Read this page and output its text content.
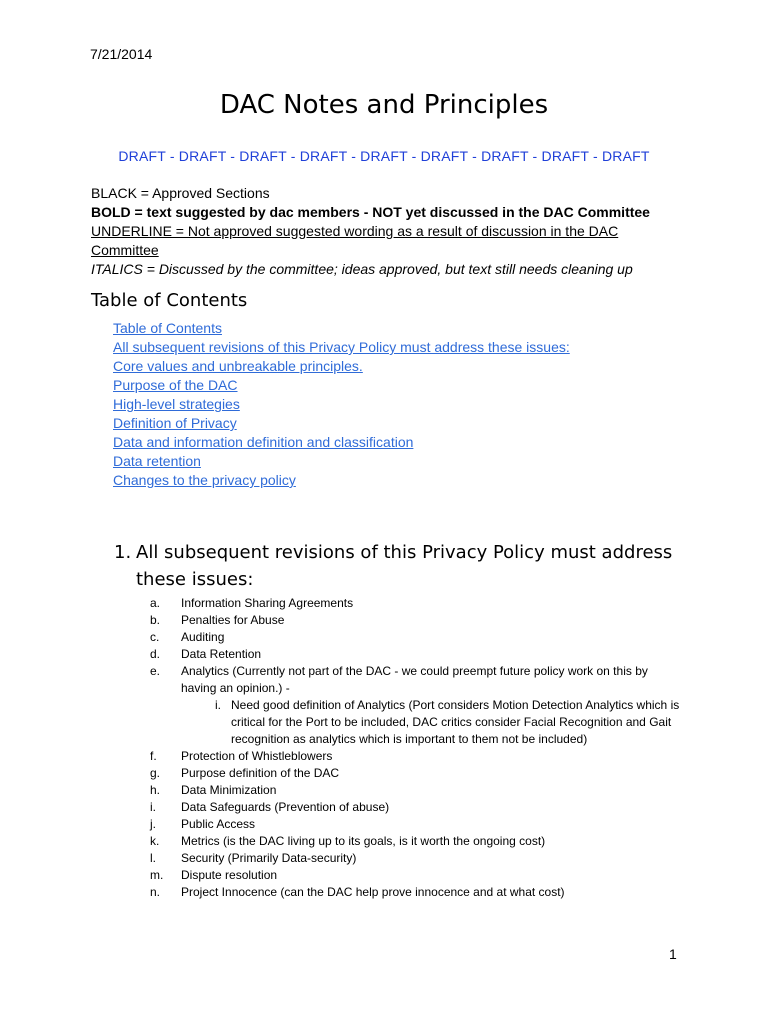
7/21/2014
DAC Notes and Principles
DRAFT - DRAFT - DRAFT - DRAFT - DRAFT - DRAFT - DRAFT - DRAFT - DRAFT
BLACK = Approved Sections
BOLD = text suggested by dac members - NOT yet discussed in the DAC Committee
UNDERLINE = Not approved suggested wording as a result of discussion in the DAC Committee
ITALICS = Discussed by the committee; ideas approved, but text still needs cleaning up
Table of Contents
Table of Contents
All subsequent revisions of this Privacy Policy must address these issues:
Core values and unbreakable principles.
Purpose of the DAC
High-level strategies
Definition of Privacy
Data and information definition and classification
Data retention
Changes to the privacy policy
1. All subsequent revisions of this Privacy Policy must address
these issues:
a.	Information Sharing Agreements
b.	Penalties for Abuse
c.	Auditing
d.	Data Retention
e.	Analytics (Currently not part of the DAC - we could preempt future policy work on this by having an opinion.) -
i. Need good definition of Analytics (Port considers Motion Detection Analytics which is critical for the Port to be included, DAC critics consider Facial Recognition and Gait recognition as analytics which is important to them not be included)
f.	Protection of Whistleblowers
g.	Purpose definition of the DAC
h.	Data Minimization
i.	Data Safeguards (Prevention of abuse)
j.	Public Access
k.	Metrics (is the DAC living up to its goals, is it worth the ongoing cost)
l.	Security (Primarily Data-security)
m.	Dispute resolution
n.	Project Innocence (can the DAC help prove innocence and at what cost)
1
